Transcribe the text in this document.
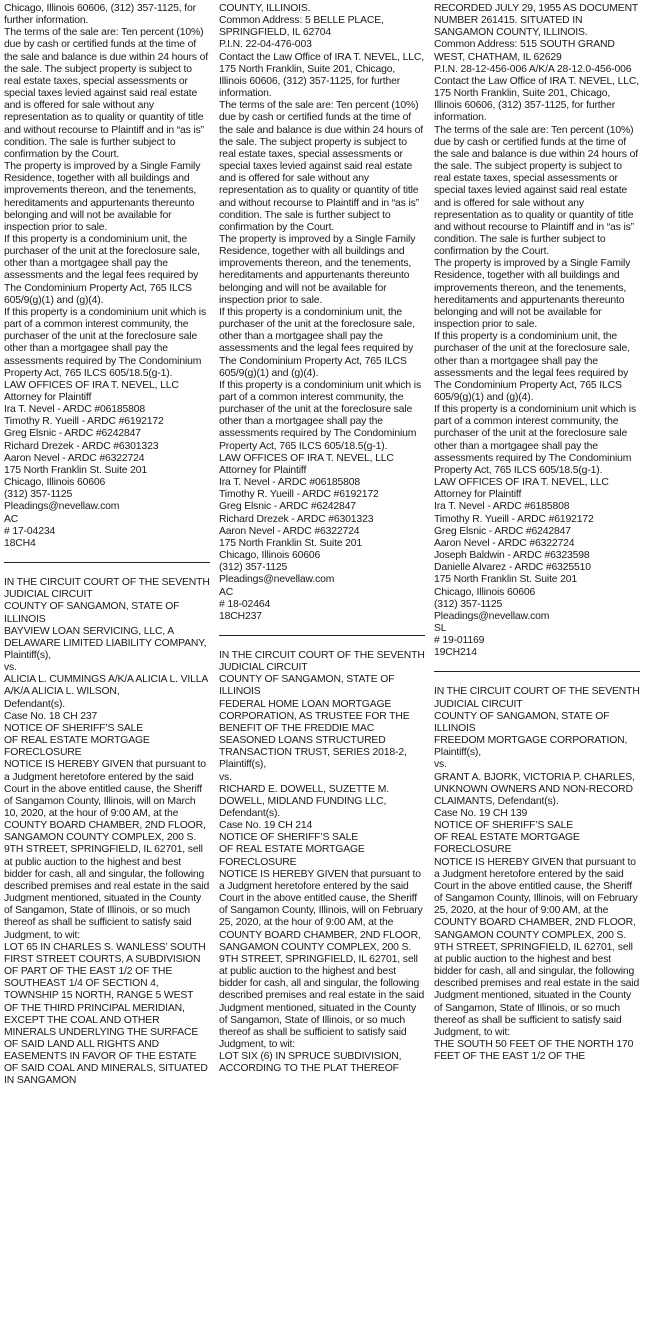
Chicago, Illinois 60606, (312) 357-1125, for further information.

The terms of the sale are: Ten percent (10%) due by cash or certified funds at the time of the sale and balance is due within 24 hours of the sale. The subject property is subject to real estate taxes, special assessments or special taxes levied against said real estate and is offered for sale without any representation as to quality or quantity of title and without recourse to Plaintiff and in “as is” condition. The sale is further subject to confirmation by the Court.

The property is improved by a Single Family Residence, together with all buildings and improvements thereon, and the tenements, hereditaments and appurtenants thereunto belonging and will not be available for inspection prior to sale.

If this property is a condominium unit, the purchaser of the unit at the foreclosure sale, other than a mortgagee shall pay the assessments and the legal fees required by The Condominium Property Act, 765 ILCS 605/9(g)(1) and (g)(4).

If this property is a condominium unit which is part of a common interest community, the purchaser of the unit at the foreclosure sale other than a mortgagee shall pay the assessments required by The Condominium Property Act, 765 ILCS 605/18.5(g-1).

LAW OFFICES OF IRA T. NEVEL, LLC

Attorney for Plaintiff

Ira T. Nevel - ARDC #06185808

Timothy R. Yueill - ARDC #6192172

Greg Elsnic - ARDC #6242847

Richard Drezek - ARDC #6301323

Aaron Nevel - ARDC #6322724

175 North Franklin St. Suite 201

Chicago, Illinois 60606

(312) 357-1125

Pleadings@nevellaw.com

AC

# 17-04234

18CH4

IN THE CIRCUIT COURT OF THE SEVENTH JUDICIAL CIRCUIT

COUNTY OF SANGAMON, STATE OF ILLINOIS

BAYVIEW LOAN SERVICING, LLC, A DELAWARE LIMITED LIABILITY COMPANY,

Plaintiff(s),

vs.

ALICIA L. CUMMINGS A/K/A ALICIA L. VILLA A/K/A ALICIA L. WILSON,

Defendant(s).

Case No. 18 CH 237

NOTICE OF SHERIFF’S SALE

OF REAL ESTATE MORTGAGE FORECLOSURE

NOTICE IS HEREBY GIVEN that pursuant to a Judgment heretofore entered by the said Court in the above entitled cause, the Sheriff of Sangamon County, Illinois, will on March 10, 2020, at the hour of 9:00 AM, at the COUNTY BOARD CHAMBER, 2ND FLOOR, SANGAMON COUNTY COMPLEX, 200 S. 9TH STREET, SPRINGFIELD, IL 62701, sell at public auction to the highest and best bidder for cash, all and singular, the following described premises and real estate in the said Judgment mentioned, situated in the County of Sangamon, State of Illinois, or so much thereof as shall be sufficient to satisfy said Judgment, to wit:

LOT 65 IN CHARLES S. WANLESS’ SOUTH FIRST STREET COURTS, A SUBDIVISION OF PART OF THE EAST 1/2 OF THE SOUTHEAST 1/4 OF SECTION 4, TOWNSHIP 15 NORTH, RANGE 5 WEST OF THE THIRD PRINCIPAL MERIDIAN, EXCEPT THE COAL AND OTHER MINERALS UNDERLYING THE SURFACE OF SAID LAND ALL RIGHTS AND EASEMENTS IN FAVOR OF THE ESTATE OF SAID COAL AND MINERALS, SITUATED IN SANGAMON

COUNTY, ILLINOIS.

Common Address: 5 BELLE PLACE, SPRINGFIELD, IL 62704

P.I.N. 22-04-476-003

Contact the Law Office of IRA T. NEVEL, LLC, 175 North Franklin, Suite 201, Chicago, Illinois 60606, (312) 357-1125, for further information.

The terms of the sale are: Ten percent (10%) due by cash or certified funds at the time of the sale and balance is due within 24 hours of the sale. The subject property is subject to real estate taxes, special assessments or special taxes levied against said real estate and is offered for sale without any representation as to quality or quantity of title and without recourse to Plaintiff and in “as is” condition. The sale is further subject to confirmation by the Court.

The property is improved by a Single Family Residence, together with all buildings and improvements thereon, and the tenements, hereditaments and appurtenants thereunto belonging and will not be available for inspection prior to sale.

If this property is a condominium unit, the purchaser of the unit at the foreclosure sale, other than a mortgagee shall pay the assessments and the legal fees required by The Condominium Property Act, 765 ILCS 605/9(g)(1) and (g)(4).

If this property is a condominium unit which is part of a common interest community, the purchaser of the unit at the foreclosure sale other than a mortgagee shall pay the assessments required by The Condominium Property Act, 765 ILCS 605/18.5(g-1).

LAW OFFICES OF IRA T. NEVEL, LLC

Attorney for Plaintiff

Ira T. Nevel - ARDC #06185808

Timothy R. Yueill - ARDC #6192172

Greg Elsnic - ARDC #6242847

Richard Drezek - ARDC #6301323

Aaron Nevel - ARDC #6322724

175 North Franklin St. Suite 201

Chicago, Illinois 60606

(312) 357-1125

Pleadings@nevellaw.com

AC

# 18-02464

18CH237

IN THE CIRCUIT COURT OF THE SEVENTH JUDICIAL CIRCUIT

COUNTY OF SANGAMON, STATE OF ILLINOIS

FEDERAL HOME LOAN MORTGAGE CORPORATION, AS TRUSTEE FOR THE BENEFIT OF THE FREDDIE MAC SEASONED LOANS STRUCTURED TRANSACTION TRUST, SERIES 2018-2,

Plaintiff(s),

vs.

RICHARD E. DOWELL, SUZETTE M. DOWELL, MIDLAND FUNDING LLC,

Defendant(s).

Case No. 19 CH 214

NOTICE OF SHERIFF’S SALE

OF REAL ESTATE MORTGAGE FORECLOSURE

NOTICE IS HEREBY GIVEN that pursuant to a Judgment heretofore entered by the said Court in the above entitled cause, the Sheriff of Sangamon County, Illinois, will on February 25, 2020, at the hour of 9:00 AM, at the COUNTY BOARD CHAMBER, 2ND FLOOR, SANGAMON COUNTY COMPLEX, 200 S. 9TH STREET, SPRINGFIELD, IL 62701, sell at public auction to the highest and best bidder for cash, all and singular, the following described premises and real estate in the said Judgment mentioned, situated in the County of Sangamon, State of Illinois, or so much thereof as shall be sufficient to satisfy said Judgment, to wit:

LOT SIX (6) IN SPRUCE SUBDIVISION, ACCORDING TO THE PLAT THEREOF

RECORDED JULY 29, 1955 AS DOCUMENT NUMBER 261415. SITUATED IN SANGAMON COUNTY, ILLINOIS.

Common Address: 515 SOUTH GRAND WEST, CHATHAM, IL 62629

P.I.N. 28-12-456-006 A/K/A 28-12.0-456-006

Contact the Law Office of IRA T. NEVEL, LLC, 175 North Franklin, Suite 201, Chicago, Illinois 60606, (312) 357-1125, for further information.

The terms of the sale are: Ten percent (10%) due by cash or certified funds at the time of the sale and balance is due within 24 hours of the sale. The subject property is subject to real estate taxes, special assessments or special taxes levied against said real estate and is offered for sale without any representation as to quality or quantity of title and without recourse to Plaintiff and in “as is” condition. The sale is further subject to confirmation by the Court.

The property is improved by a Single Family Residence, together with all buildings and improvements thereon, and the tenements, hereditaments and appurtenants thereunto belonging and will not be available for inspection prior to sale.

If this property is a condominium unit, the purchaser of the unit at the foreclosure sale, other than a mortgagee shall pay the assessments and the legal fees required by The Condominium Property Act, 765 ILCS 605/9(g)(1) and (g)(4).

If this property is a condominium unit which is part of a common interest community, the purchaser of the unit at the foreclosure sale other than a mortgagee shall pay the assessments required by The Condominium Property Act, 765 ILCS 605/18.5(g-1).

LAW OFFICES OF IRA T. NEVEL, LLC

Attorney for Plaintiff

Ira T. Nevel - ARDC #6185808

Timothy R. Yueill - ARDC #6192172

Greg Elsnic - ARDC #6242847

Aaron Nevel - ARDC #6322724

Joseph Baldwin - ARDC #6323598

Danielle Alvarez - ARDC #6325510

175 North Franklin St. Suite 201

Chicago, Illinois 60606

(312) 357-1125

Pleadings@nevellaw.com

SL

# 19-01169

19CH214

IN THE CIRCUIT COURT OF THE SEVENTH JUDICIAL CIRCUIT

COUNTY OF SANGAMON, STATE OF ILLINOIS

FREEDOM MORTGAGE CORPORATION,

Plaintiff(s),

vs.

GRANT A. BJORK, VICTORIA P. CHARLES, UNKNOWN OWNERS AND NON-RECORD CLAIMANTS, Defendant(s).

Case No. 19 CH 139

NOTICE OF SHERIFF’S SALE

OF REAL ESTATE MORTGAGE FORECLOSURE

NOTICE IS HEREBY GIVEN that pursuant to a Judgment heretofore entered by the said Court in the above entitled cause, the Sheriff of Sangamon County, Illinois, will on February 25, 2020, at the hour of 9:00 AM, at the COUNTY BOARD CHAMBER, 2ND FLOOR, SANGAMON COUNTY COMPLEX, 200 S. 9TH STREET, SPRINGFIELD, IL 62701, sell at public auction to the highest and best bidder for cash, all and singular, the following described premises and real estate in the said Judgment mentioned, situated in the County of Sangamon, State of Illinois, or so much thereof as shall be sufficient to satisfy said Judgment, to wit:

THE SOUTH 50 FEET OF THE NORTH 170 FEET OF THE EAST 1/2 OF THE
